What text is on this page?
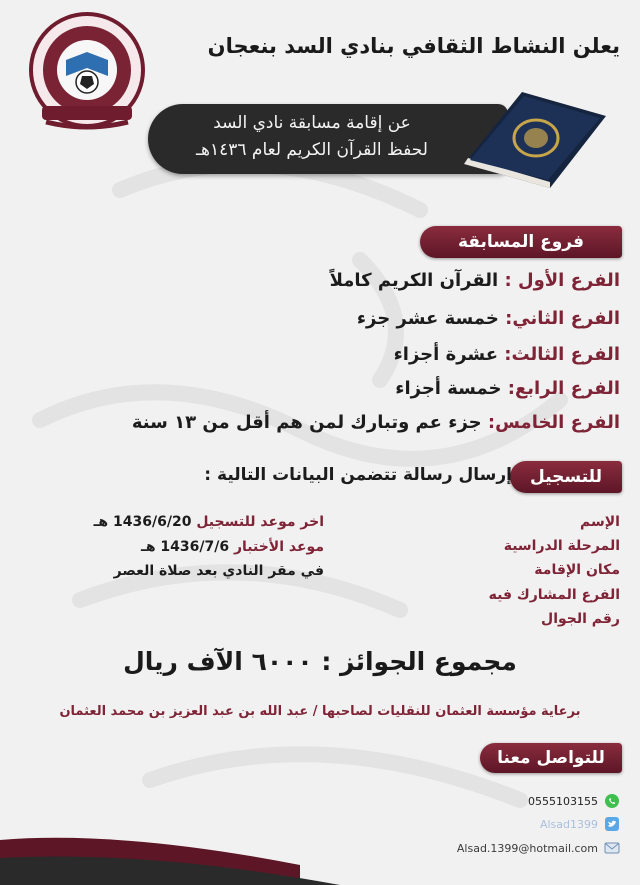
يعلن النشاط الثقافي بنادي السد بنعجان
عن إقامة مسابقة نادي السد
لحفظ القرآن الكريم لعام ١٤٣٦هـ
فروع المسابقة
الفرع الأول : القرآن الكريم كاملاً
الفرع الثاني: خمسة عشر جزء
الفرع الثالث: عشرة أجزاء
الفرع الرابع: خمسة أجزاء
الفرع الخامس: جزء عم وتبارك لمن هم أقل من ١٣ سنة
للتسجيل
إرسال رسالة تتضمن البيانات التالية :
الإسم
المرحلة الدراسية
مكان الإقامة
الفرع المشارك فيه
رقم الجوال
اخر موعد للتسجيل 1436/6/20 هـ
موعد الأختبار 1436/7/6 هـ
في مقر النادي بعد صلاة العصر
مجموع الجوائز : ٦٠٠٠ الآف ريال
برعاية مؤسسة العثمان للنقليات لصاحبها / عبد الله بن عبد العزيز بن محمد العثمان
للتواصل معنا
0555103155
Alsad1399
Alsad.1399@hotmail.com
